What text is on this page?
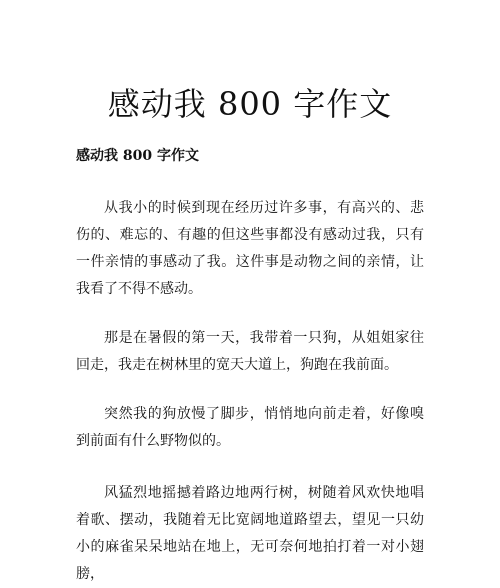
感动我 800 字作文
感动我 800 字作文

从我小的时候到现在经历过许多事，有高兴的、悲伤的、难忘的、有趣的但这些事都没有感动过我，只有一件亲情的事感动了我。这件事是动物之间的亲情，让我看了不得不感动。

那是在暑假的第一天，我带着一只狗，从姐姐家往回走，我走在树林里的宽天大道上，狗跑在我前面。

突然我的狗放慢了脚步，悄悄地向前走着，好像嗅到前面有什么野物似的。

风猛烈地摇撼着路边地两行树，树随着风欢快地唱着歌、摆动，我随着无比宽阔地道路望去，望见一只幼小的麻雀呆呆地站在地上，无可奈何地拍打着一对小翅膀，
